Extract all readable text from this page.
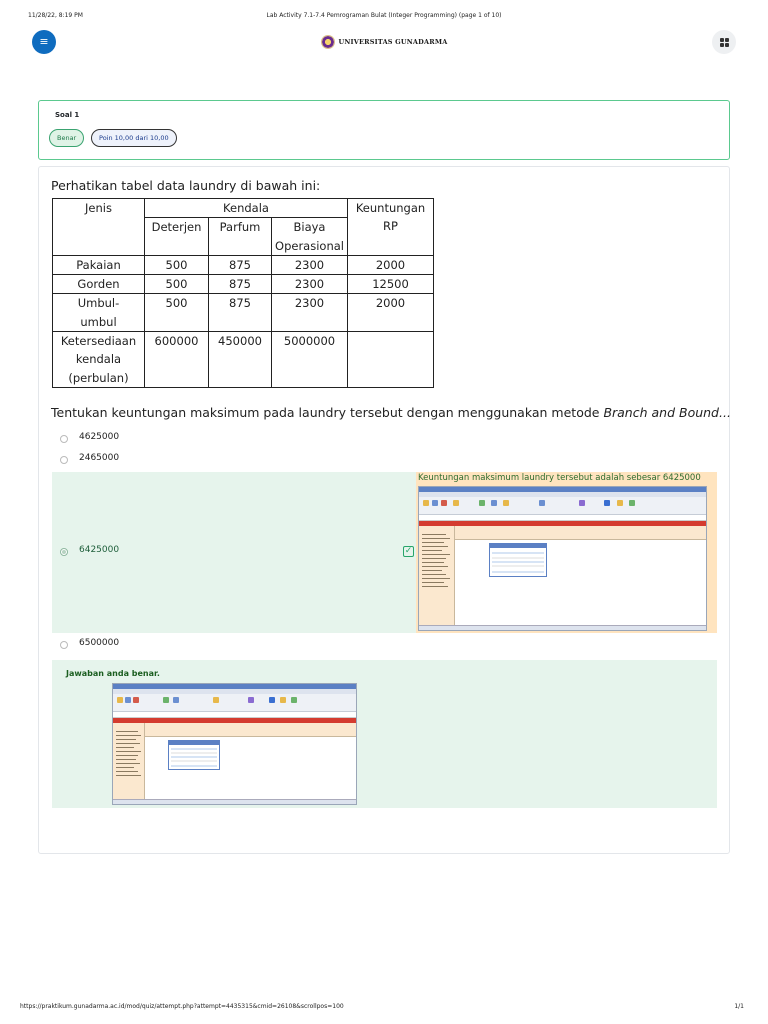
11/28/22, 8:19 PM	Lab Activity 7.1-7.4 Pemrograman Bulat (Integer Programming) (page 1 of 10)
≡	UNIVERSITAS GUNADARMA
Soal 1
Benar	Poin 10,00 dari 10,00
Perhatikan tabel data laundry di bawah ini:
Jenis	Kendala			Keuntungan RP
	Deterjen	Parfum	Biaya Operasional	

Pakaian	500	875	2300	2000
Gorden	500	875	2300	12500
Umbul-umbul	500	875	2300	2000
Ketersediaan kendala (perbulan)	600000	450000	5000000	
Tentukan keuntungan maksimum pada laundry tersebut dengan menggunakan metode Branch and Bound...
4625000
2465000
6425000	✓
Keuntungan maksimum laundry tersebut adalah sebesar 6425000
6500000
Jawaban anda benar.
https://praktikum.gunadarma.ac.id/mod/quiz/attempt.php?attempt=4435315&cmid=26108&scrollpos=100	1/1
